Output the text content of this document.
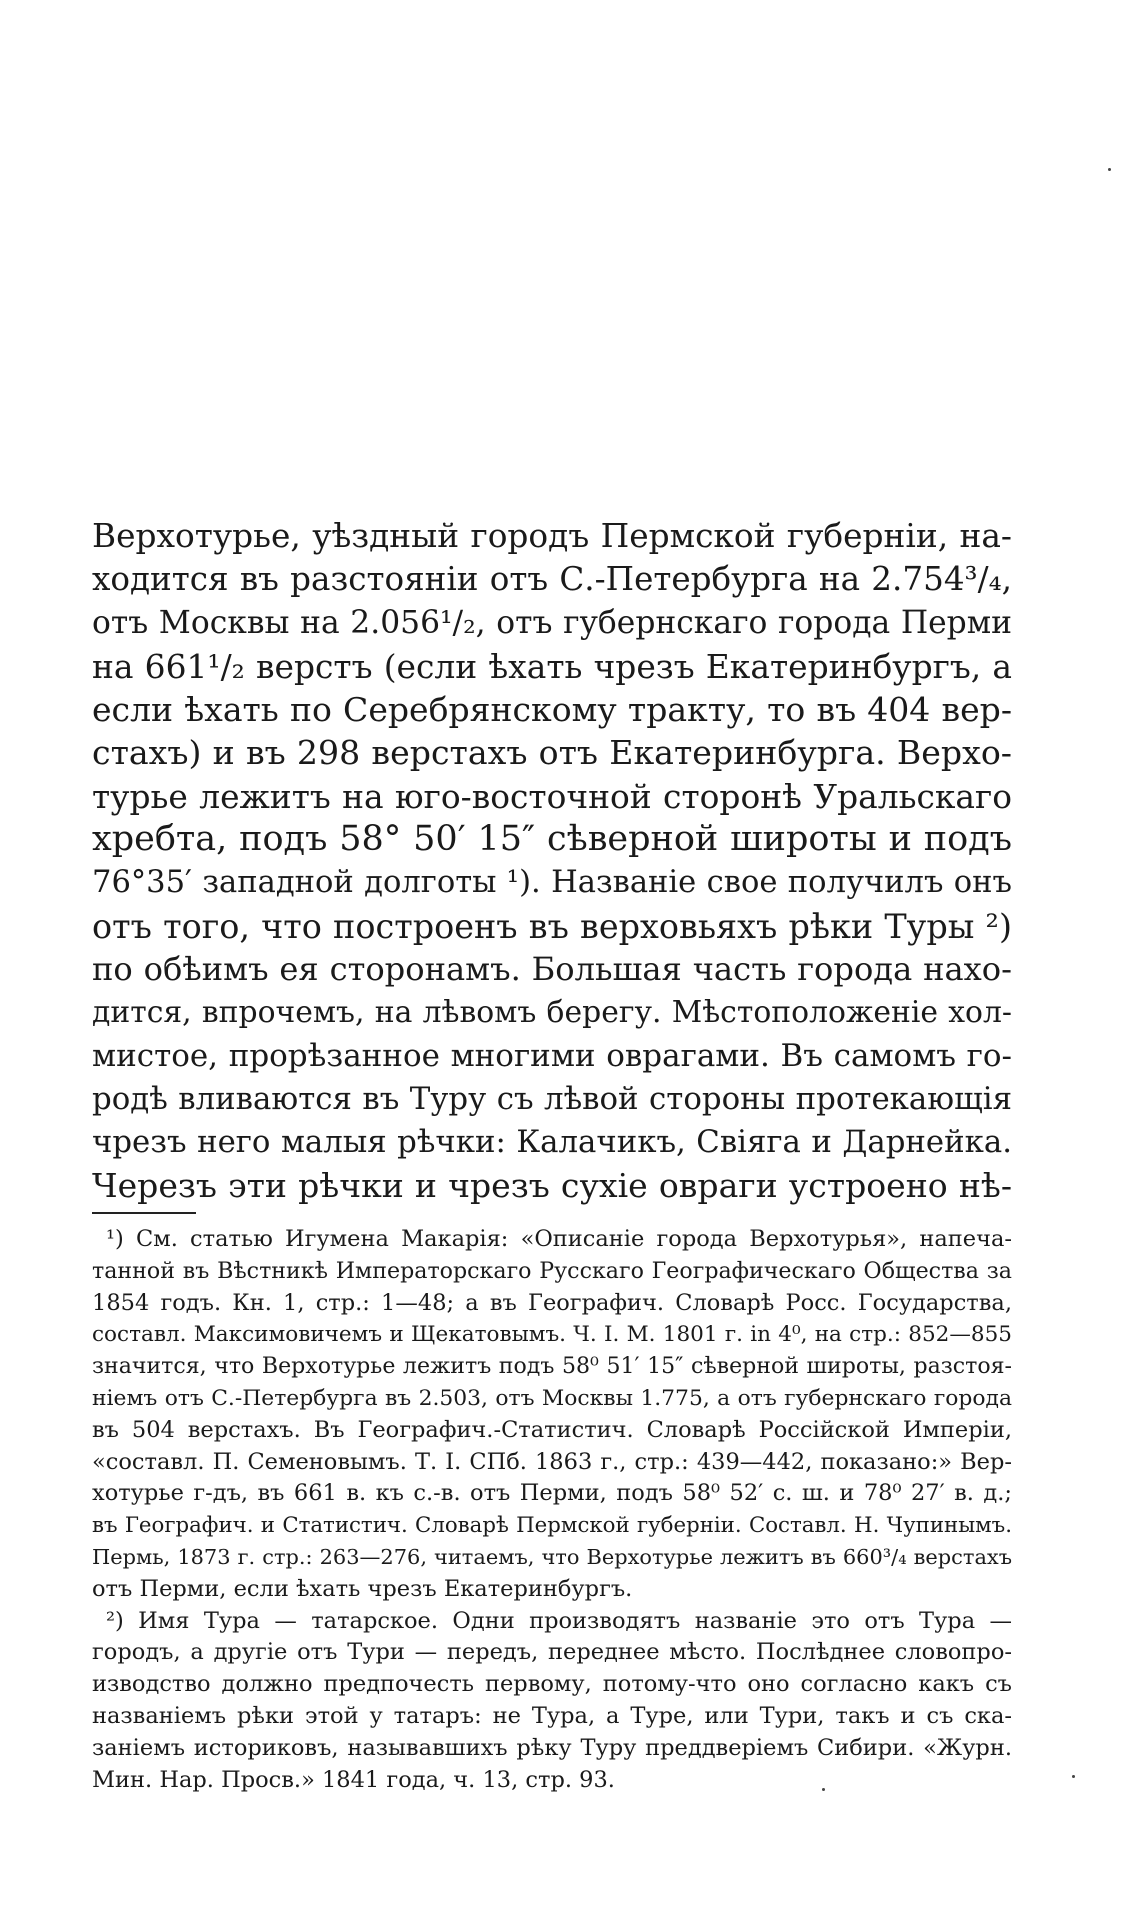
Верхотурье, уѣздный городъ Пермской губерніи, на-
ходится въ разстояніи отъ С.-Петербурга на 2.754³/₄,
отъ Москвы на 2.056¹/₂, отъ губернскаго города Перми
на 661¹/₂ верстъ (если ѣхать чрезъ Екатеринбургъ, а
если ѣхать по Серебрянскому тракту, то въ 404 вер-
стахъ) и въ 298 верстахъ отъ Екатеринбурга. Верхо-
турье лежитъ на юго-восточной сторонѣ Уральскаго
хребта, подъ 58° 50′ 15″ сѣверной широты и подъ
76°35′ западной долготы ¹). Названіе свое получилъ онъ
отъ того, что построенъ въ верховьяхъ рѣки Туры ²)
по обѣимъ ея сторонамъ. Большая часть города нахо-
дится, впрочемъ, на лѣвомъ берегу. Мѣстоположеніе хол-
мистое, прорѣзанное многими оврагами. Въ самомъ го-
родѣ вливаются въ Туру съ лѣвой стороны протекающія
чрезъ него малыя рѣчки: Калачикъ, Свіяга и Дарнейка.
Черезъ эти рѣчки и чрезъ сухіе овраги устроено нѣ-
¹) См. статью Игумена Макарія: «Описаніе города Верхотурья», напеча-
танной въ Вѣстникѣ Императорскаго Русскаго Географическаго Общества за
1854 годъ. Кн. 1, стр.: 1—48; а въ Географич. Словарѣ Росс. Государства,
составл. Максимовичемъ и Щекатовымъ. Ч. I. М. 1801 г. in 4⁰, на стр.: 852—855
значится, что Верхотурье лежитъ подъ 58⁰ 51′ 15″ сѣверной широты, разстоя-
ніемъ отъ С.-Петербурга въ 2.503, отъ Москвы 1.775, а отъ губернскаго города
въ 504 верстахъ. Въ Географич.-Статистич. Словарѣ Россійской Имперіи,
«составл. П. Семеновымъ. Т. I. СПб. 1863 г., стр.: 439—442, показано:» Вер-
хотурье г-дъ, въ 661 в. къ с.-в. отъ Перми, подъ 58⁰ 52′ с. ш. и 78⁰ 27′ в. д.;
въ Географич. и Статистич. Словарѣ Пермской губерніи. Составл. Н. Чупинымъ.
Пермь, 1873 г. стр.: 263—276, читаемъ, что Верхотурье лежитъ въ 660³/₄ верстахъ
отъ Перми, если ѣхать чрезъ Екатеринбургъ.
²) Имя Тура — татарское. Одни производятъ названіе это отъ Тура —
городъ, а другіе отъ Тури — передъ, переднее мѣсто. Послѣднее словопро-
изводство должно предпочесть первому, потому-что оно согласно какъ съ
названіемъ рѣки этой у татаръ: не Тура, а Туре, или Тури, такъ и съ ска-
заніемъ историковъ, называвшихъ рѣку Туру преддверіемъ Сибири. «Журн.
Мин. Нар. Просв.» 1841 года, ч. 13, стр. 93.
